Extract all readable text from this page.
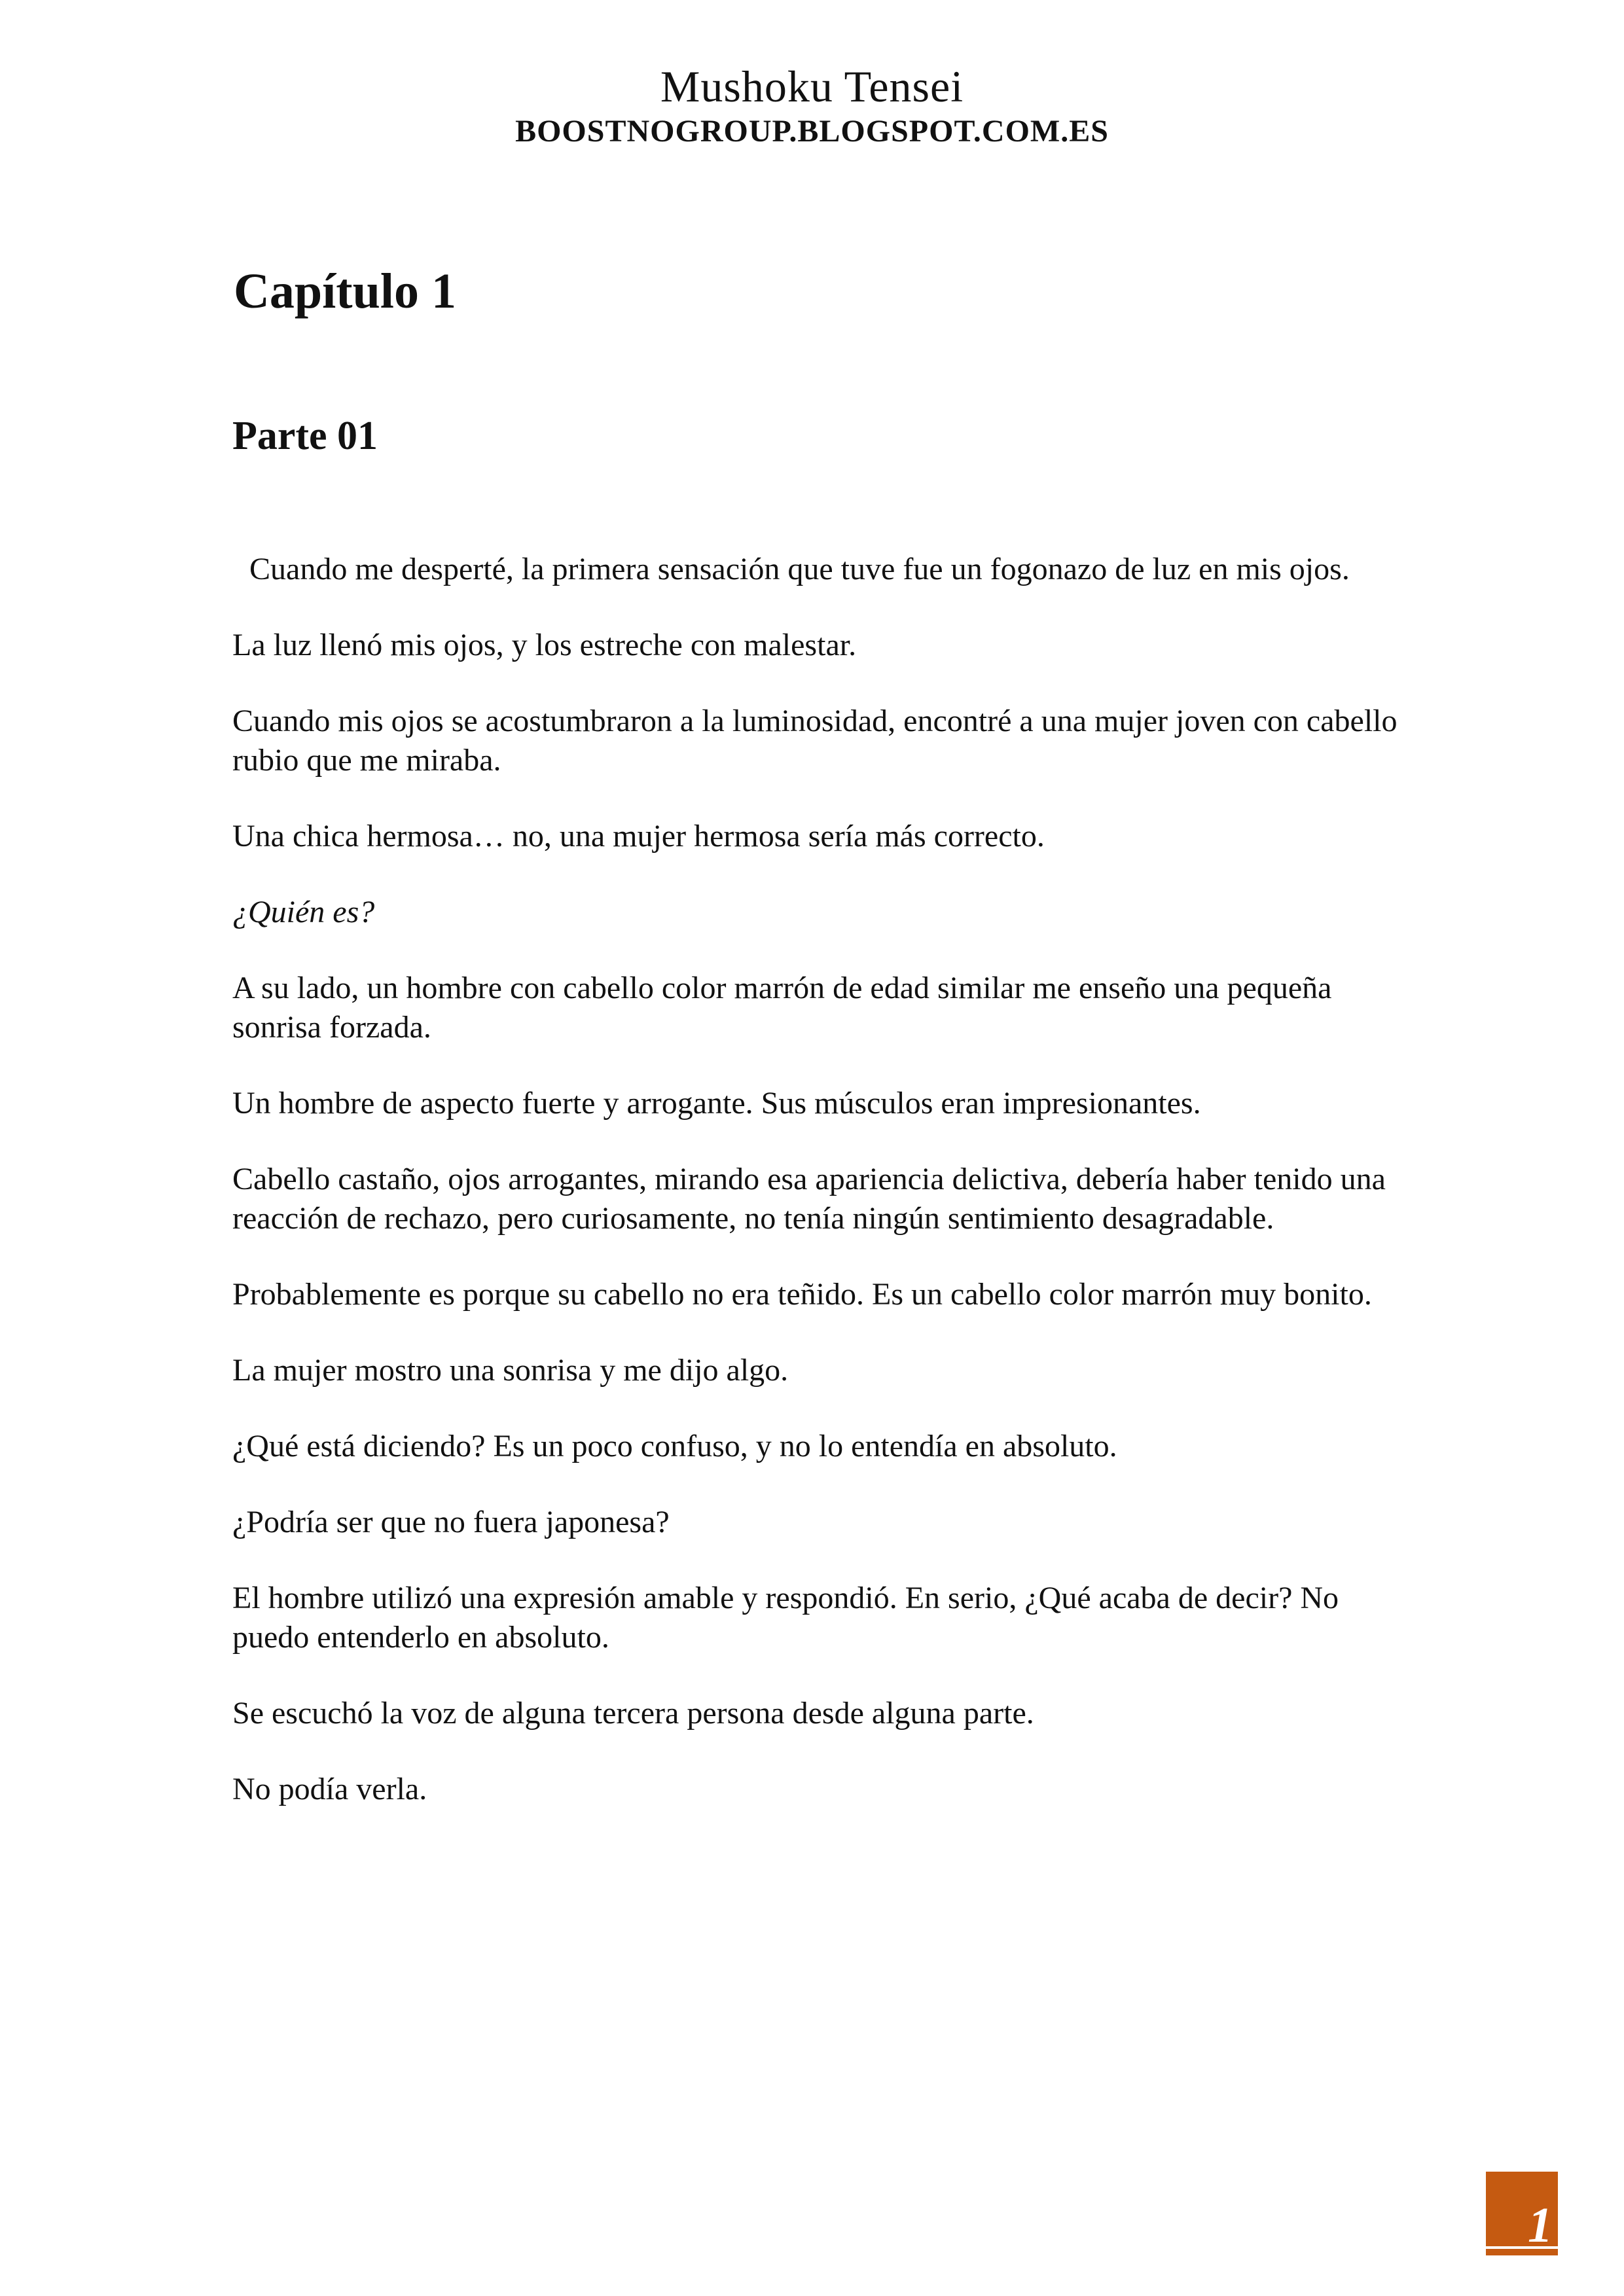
Mushoku Tensei
BOOSTNOGROUP.BLOGSPOT.COM.ES
Capítulo 1
Parte 01

Cuando me desperté, la primera sensación que tuve fue un fogonazo de luz en mis ojos.

La luz llenó mis ojos, y los estreche con malestar.

Cuando mis ojos se acostumbraron a la luminosidad, encontré a una mujer joven con cabello rubio que me miraba.

Una chica hermosa… no, una mujer hermosa sería más correcto.

¿Quién es?

A su lado, un hombre con cabello color marrón de edad similar me enseño una pequeña sonrisa forzada.

Un hombre de aspecto fuerte y arrogante. Sus músculos eran impresionantes.

Cabello castaño, ojos arrogantes, mirando esa apariencia delictiva, debería haber tenido una reacción de rechazo, pero curiosamente, no tenía ningún sentimiento desagradable.

Probablemente es porque su cabello no era teñido. Es un cabello color marrón muy bonito.

La mujer mostro una sonrisa y me dijo algo.

¿Qué está diciendo? Es un poco confuso, y no lo entendía en absoluto.

¿Podría ser que no fuera japonesa?

El hombre utilizó una expresión amable y respondió. En serio, ¿Qué acaba de decir? No puedo entenderlo en absoluto.

Se escuchó la voz de alguna tercera persona desde alguna parte.

No podía verla.

1
